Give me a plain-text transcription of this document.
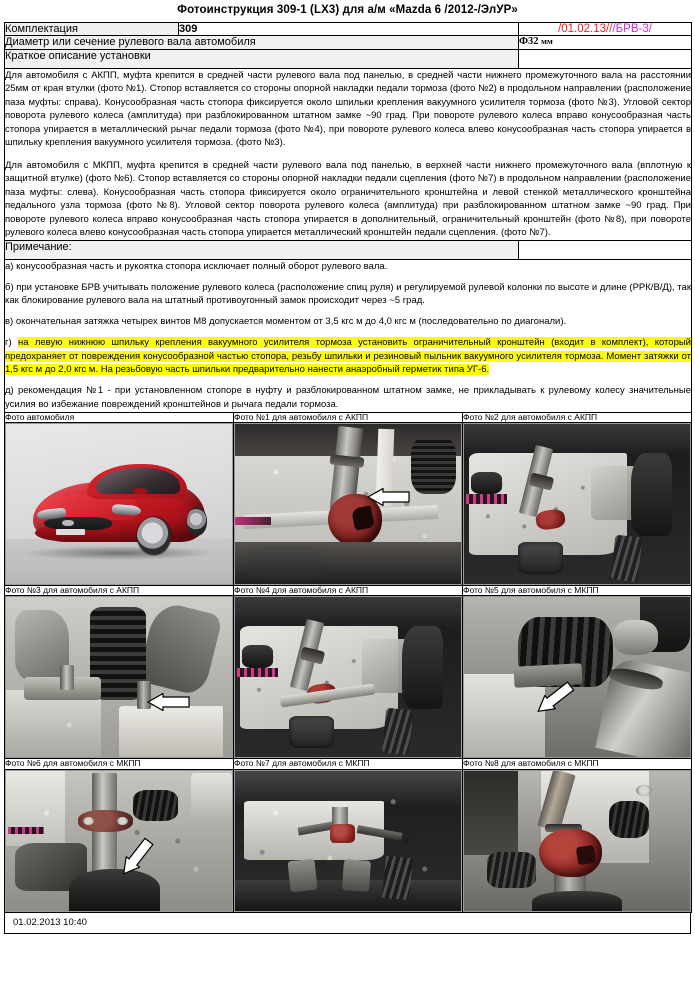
Фотоинструкция 309-1 (LX3) для а/м «Mazda 6 /2012-/ЭлУР»
Комплектация	309	/01.02.13///БРВ-3/
Диаметр или сечение рулевого вала автомобиля		Ф32 мм
Краткое описание установки		

Для автомобиля с АКПП, муфта крепится в средней части рулевого вала под панелью, в средней части нижнего промежуточного вала на расстоянии 25мм от края втулки (фото №1). Стопор вставляется со стороны опорной накладки педали тормоза (фото №2) в продольном направлении (расположение паза муфты: справа). Конусообразная часть стопора фиксируется около шпильки крепления вакуумного усилителя тормоза (фото №3). Угловой сектор поворота рулевого колеса (амплитуда) при разблокированном штатном замке ~90 град. При повороте рулевого колеса вправо конусообразная часть стопора упирается в металлический рычаг педали тормоза (фото №4), при повороте рулевого колеса влево конусообразная часть стопора упирается в шпильку крепления вакуумного усилителя тормоза. (фото №3).

Для автомобиля с МКПП, муфта крепится в средней части рулевого вала под панелью, в верхней части нижнего промежуточного вала (вплотную к защитной втулке) (фото №6). Стопор вставляется со стороны опорной накладки педали сцепления (фото №7) в продольном направлении (расположение паза муфты: слева). Конусообразная часть стопора фиксируется около ограничительного кронштейна и левой стенкой металлического кронштейна педального узла тормоза (фото №8). Угловой сектор поворота рулевого колеса (амплитуда) при разблокированном штатном замке ~90 град. При повороте рулевого колеса вправо конусообразная часть стопора упирается в дополнительный, ограничительный кронштейн (фото №8), при повороте рулевого колеса влево конусообразная часть стопора упирается металлический кронштейн педали сцепления. (фото №7).		

Примечание:	

а) конусообразная часть и рукоятка стопора исключает полный оборот рулевого вала.

б) при установке БРВ учитывать положение рулевого колеса (расположение спиц руля) и регулируемой рулевой колонки по высоте и длине (РРК/В/Д), так как блокирование рулевого вала на штатный противоугонный замок происходит через ~5 град.

в) окончательная затяжка четырех винтов М8 допускается моментом от 3,5 кгс м до 4,0 кгс м (последовательно по диагонали).

г) на левую нижнюю шпильку крепления вакуумного усилителя тормоза установить ограничительный кронштейн (входит в комплект), который предохраняет от повреждения конусообразной частью стопора, резьбу шпильки и резиновый пыльник вакуумного усилителя тормоза. Момент затяжки от 1,5 кгс м до 2,0 кгс м. На резьбовую часть шпильки предварительно нанести анаэробный герметик типа УГ-6.

д) рекомендация №1 - при установленном стопоре в нуфту и разблокированном штатном замке, не прикладывать к рулевому колесу значительные усилия во избежание повреждений кронштейнов и рычага педали тормоза.

Фото автомобиля	Фото №1 для автомобиля с АКПП	Фото №2 для автомобиля с АКПП

Фото №3 для автомобиля с АКПП	Фото №4 для автомобиля с АКПП	Фото №5 для автомобиля с МКПП

Фото №6 для автомобиля с МКПП	Фото №7 для автомобиля с МКПП	Фото №8 для автомобиля с МКПП

01.02.2013 10:40
